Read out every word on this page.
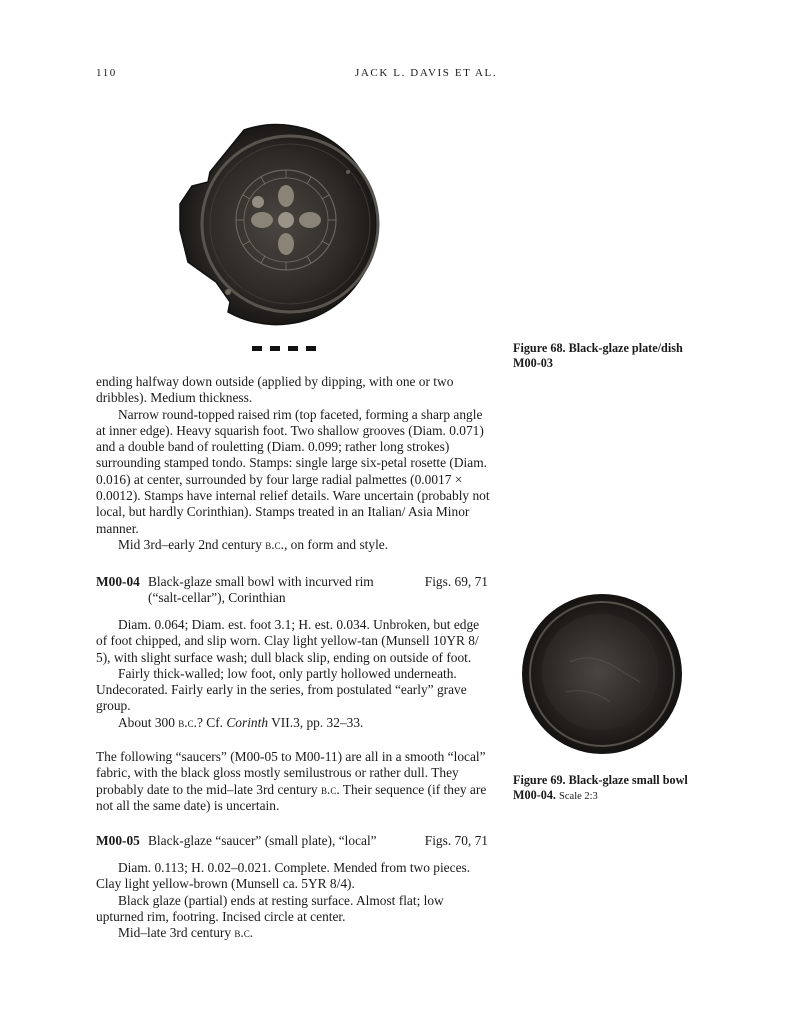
110	JACK L. DAVIS ET AL.
Figure 68. Black-glaze plate/dish M00-03

ending halfway down outside (applied by dipping, with one or two dribbles). Medium thickness.

Narrow round-topped raised rim (top faceted, forming a sharp angle at inner edge). Heavy squarish foot. Two shallow grooves (Diam. 0.071) and a double band of rouletting (Diam. 0.099; rather long strokes) surrounding stamped tondo. Stamps: single large six-petal rosette (Diam. 0.016) at center, surrounded by four large radial palmettes (0.0017 × 0.0012). Stamps have internal relief details. Ware uncertain (probably not local, but hardly Corinthian). Stamps treated in an Italian/ Asia Minor manner.

Mid 3rd–early 2nd century b.c., on form and style.

M00-04 Black-glaze small bowl with incurved rim	Figs. 69, 71
(“salt-cellar”), Corinthian

Diam. 0.064; Diam. est. foot 3.1; H. est. 0.034. Unbroken, but edge of foot chipped, and slip worn. Clay light yellow-tan (Munsell 10YR 8/ 5), with slight surface wash; dull black slip, ending on outside of foot.

Fairly thick-walled; low foot, only partly hollowed underneath. Undecorated. Fairly early in the series, from postulated “early” grave group.

About 300 b.c.? Cf. Corinth VII.3, pp. 32–33.

Figure 69. Black-glaze small bowl M00-04. Scale 2:3

The following “saucers” (M00-05 to M00-11) are all in a smooth “local” fabric, with the black gloss mostly semilustrous or rather dull. They probably date to the mid–late 3rd century b.c. Their sequence (if they are not all the same date) is uncertain.

M00-05 Black-glaze “saucer” (small plate), “local”	Figs. 70, 71

Diam. 0.113; H. 0.02–0.021. Complete. Mended from two pieces. Clay light yellow-brown (Munsell ca. 5YR 8/4).

Black glaze (partial) ends at resting surface. Almost flat; low upturned rim, footring. Incised circle at center.

Mid–late 3rd century b.c.
